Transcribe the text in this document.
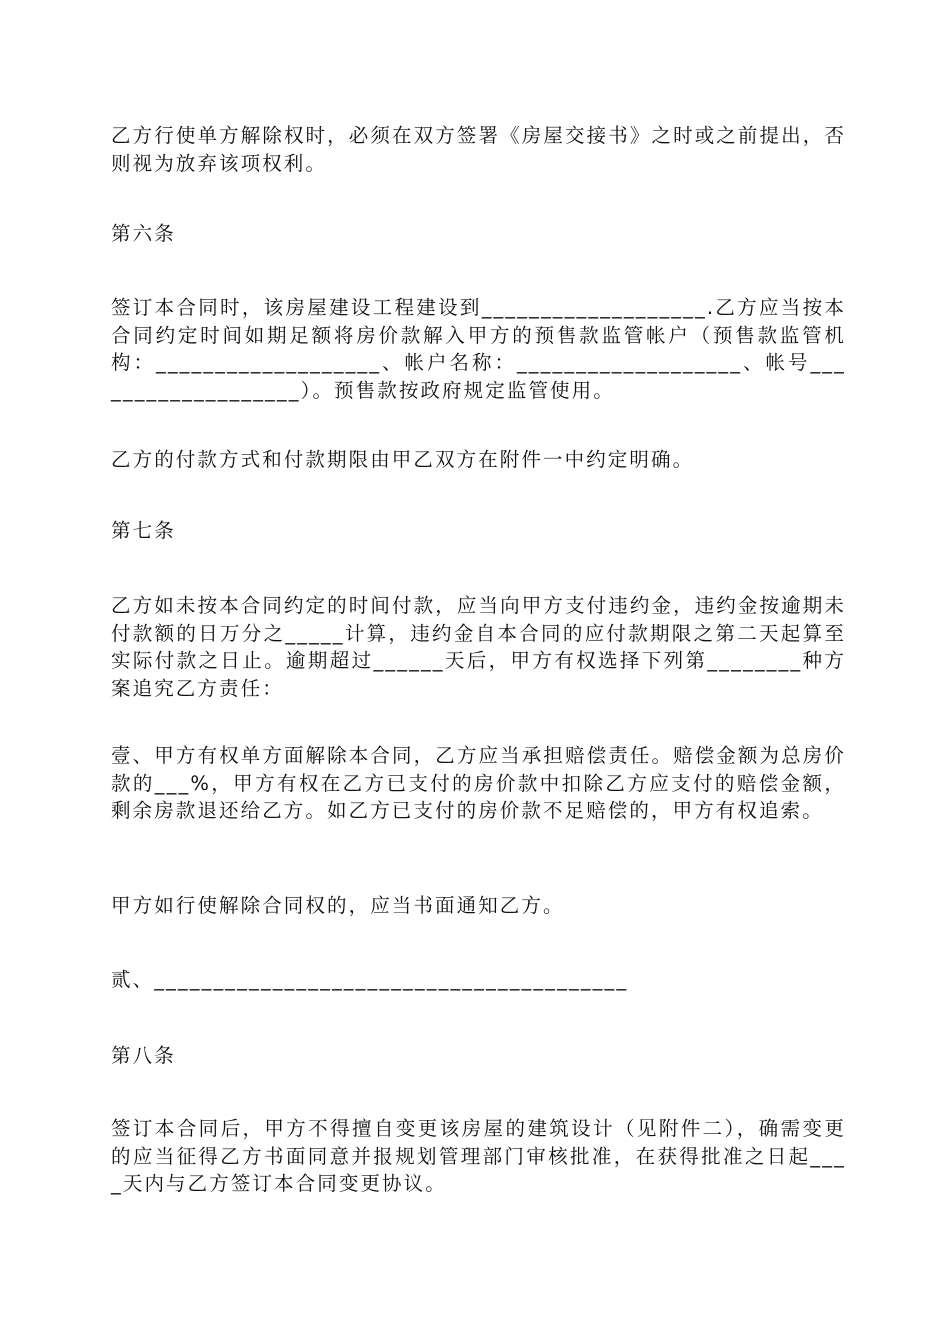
乙方行使单方解除权时，必须在双方签署《房屋交接书》之时或之前提出，否则视为放弃该项权利。

第六条

签订本合同时，该房屋建设工程建设到___________________.乙方应当按本合同约定时间如期足额将房价款解入甲方的预售款监管帐户（预售款监管机构：___________________、帐户名称：___________________、帐号___________________）。预售款按政府规定监管使用。

乙方的付款方式和付款期限由甲乙双方在附件一中约定明确。

第七条

乙方如未按本合同约定的时间付款，应当向甲方支付违约金，违约金按逾期未付款额的日万分之_____计算，违约金自本合同的应付款期限之第二天起算至实际付款之日止。逾期超过______天后，甲方有权选择下列第________种方案追究乙方责任：

壹、甲方有权单方面解除本合同，乙方应当承担赔偿责任。赔偿金额为总房价款的___%，甲方有权在乙方已支付的房价款中扣除乙方应支付的赔偿金额，剩余房款退还给乙方。如乙方已支付的房价款不足赔偿的，甲方有权追索。

甲方如行使解除合同权的，应当书面通知乙方。

贰、________________________________________

第八条

签订本合同后，甲方不得擅自变更该房屋的建筑设计（见附件二），确需变更的应当征得乙方书面同意并报规划管理部门审核批准，在获得批准之日起____天内与乙方签订本合同变更协议。
